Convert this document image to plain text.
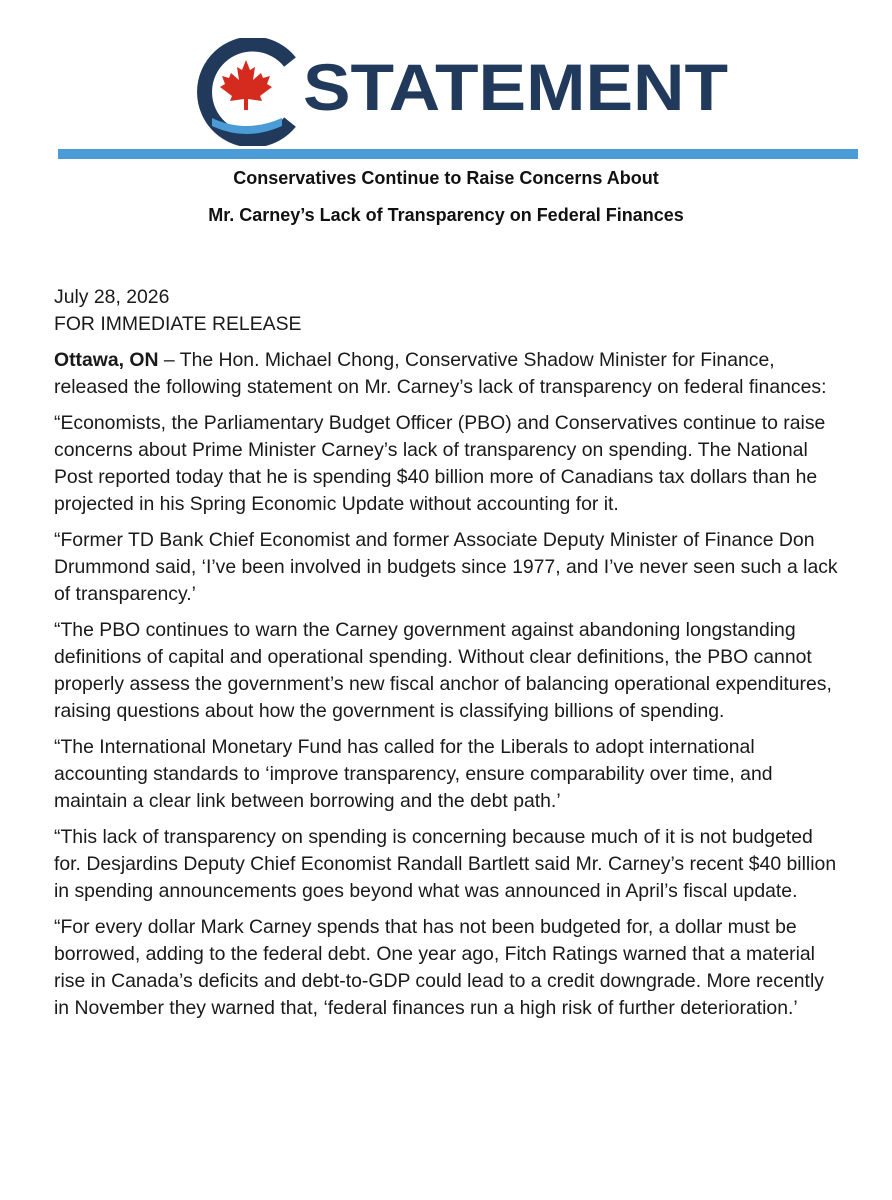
STATEMENT
Conservatives Continue to Raise Concerns About
Mr. Carney’s Lack of Transparency on Federal Finances

July 28, 2026
FOR IMMEDIATE RELEASE

Ottawa, ON – The Hon. Michael Chong, Conservative Shadow Minister for Finance, released the following statement on Mr. Carney’s lack of transparency on federal finances:

“Economists, the Parliamentary Budget Officer (PBO) and Conservatives continue to raise concerns about Prime Minister Carney’s lack of transparency on spending. The National Post reported today that he is spending $40 billion more of Canadians tax dollars than he projected in his Spring Economic Update without accounting for it.

“Former TD Bank Chief Economist and former Associate Deputy Minister of Finance Don Drummond said, ‘I’ve been involved in budgets since 1977, and I’ve never seen such a lack of transparency.’

“The PBO continues to warn the Carney government against abandoning longstanding definitions of capital and operational spending. Without clear definitions, the PBO cannot properly assess the government’s new fiscal anchor of balancing operational expenditures, raising questions about how the government is classifying billions of spending.

“The International Monetary Fund has called for the Liberals to adopt international accounting standards to ‘improve transparency, ensure comparability over time, and maintain a clear link between borrowing and the debt path.’

“This lack of transparency on spending is concerning because much of it is not budgeted for. Desjardins Deputy Chief Economist Randall Bartlett said Mr. Carney’s recent $40 billion in spending announcements goes beyond what was announced in April’s fiscal update.

“For every dollar Mark Carney spends that has not been budgeted for, a dollar must be borrowed, adding to the federal debt. One year ago, Fitch Ratings warned that a material rise in Canada’s deficits and debt-to-GDP could lead to a credit downgrade. More recently in November they warned that, ‘federal finances run a high risk of further deterioration.’
